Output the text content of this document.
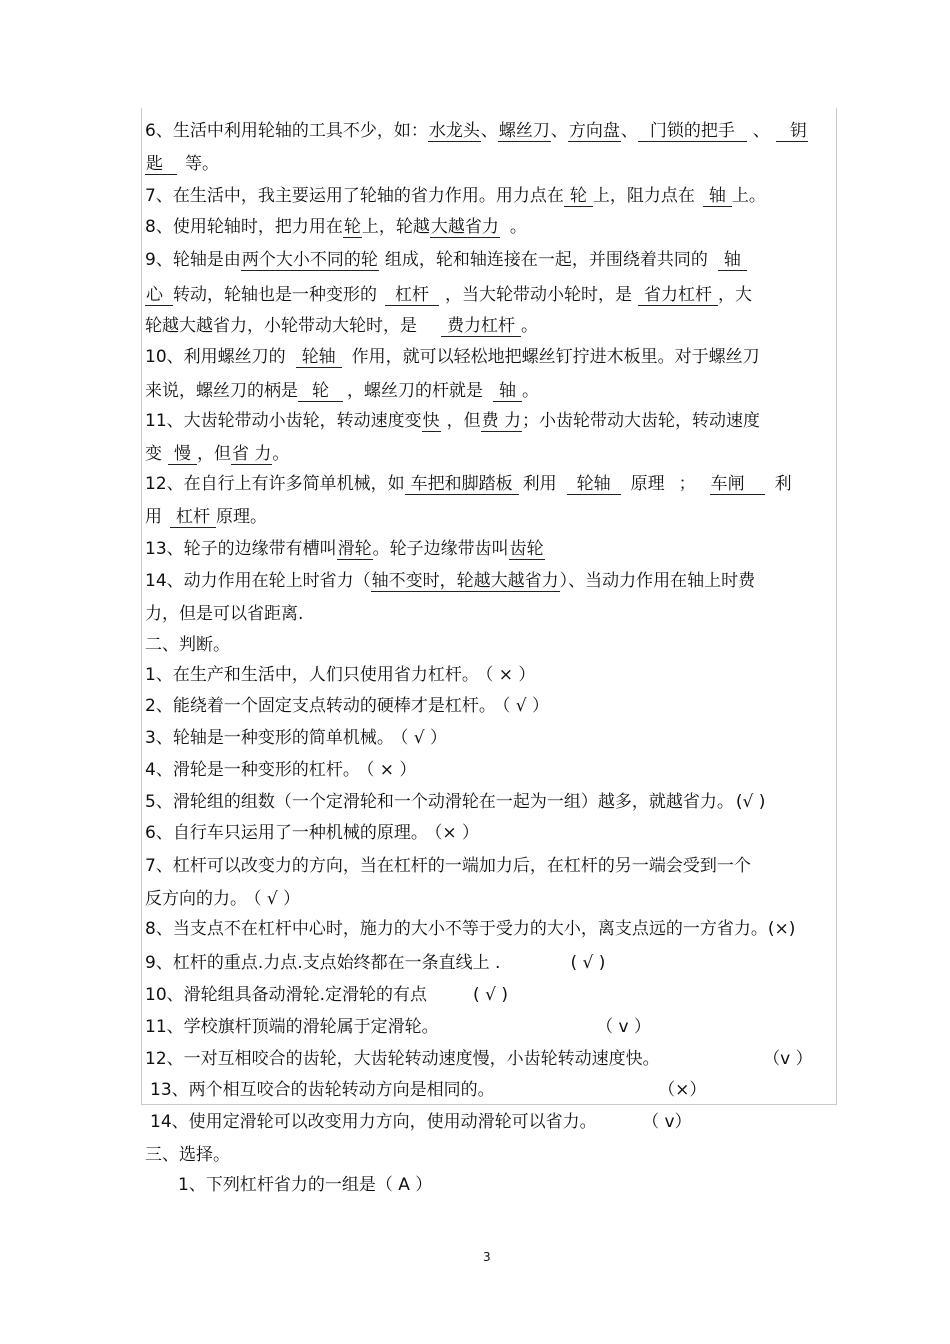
6、生活中利用轮轴的工具不少，如：水龙头、螺丝刀、方向盘、 门锁的把手 、 钥
匙 等。
7、在生活中，我主要运用了轮轴的省力作用。用力点在 轮 上，阻力点在 轴 上。
8、使用轮轴时，把力用在轮上，轮越大越省力 。
9、轮轴是由两个大小不同的轮 组成，轮和轴连接在一起，并围绕着共同的 轴
心 转动，轮轴也是一种变形的 杠杆 ，当大轮带动小轮时，是 省力杠杆 ，大
轮越大越省力，小轮带动大轮时，是 费力杠杆 。
10、利用螺丝刀的 轮轴 作用，就可以轻松地把螺丝钉拧进木板里。对于螺丝刀
来说，螺丝刀的柄是 轮 ，螺丝刀的杆就是 轴 。
11、大齿轮带动小齿轮，转动速度变快 ，但费 力；小齿轮带动大齿轮，转动速度
变 慢 ，但省 力。
12、在自行上有许多简单机械，如 车把和脚踏板 利用 轮轴 原理 ； 车闸 利
用 杠杆 原理。
13、轮子的边缘带有槽叫滑轮。轮子边缘带齿叫齿轮
14、动力作用在轮上时省力（轴不变时，轮越大越省力）、当动力作用在轴上时费
力，但是可以省距离.
二、判断。
1、在生产和生活中，人们只使用省力杠杆。 （ × ）
2、能绕着一个固定支点转动的硬棒才是杠杆。 （ √ ）
3、轮轴是一种变形的简单机械。 （ √ ）
4、滑轮是一种变形的杠杆。 （ × ）
5、滑轮组的组数（一个定滑轮和一个动滑轮在一起为一组）越多，就越省力。 (√ )
6、自行车只运用了一种机械的原理。 （× ）
7、杠杆可以改变力的方向，当在杠杆的一端加力后，在杠杆的另一端会受到一个
反方向的力。 （ √ ）
8、当支点不在杠杆中心时，施力的大小不等于受力的大小，离支点远的一方省力。(×)
9、杠杆的重点.力点.支点始终都在一条直线上 .	( √ )
10、滑轮组具备动滑轮.定滑轮的有点	( √ )
11、学校旗杆顶端的滑轮属于定滑轮。	（ v ）
12、一对互相咬合的齿轮，大齿轮转动速度慢，小齿轮转动速度快。	（v ）
13、两个相互咬合的齿轮转动方向是相同的。	（×）
14、使用定滑轮可以改变用力方向，使用动滑轮可以省力。	（ v）
三、选择。
1、下列杠杆省力的一组是（ A ）
3
